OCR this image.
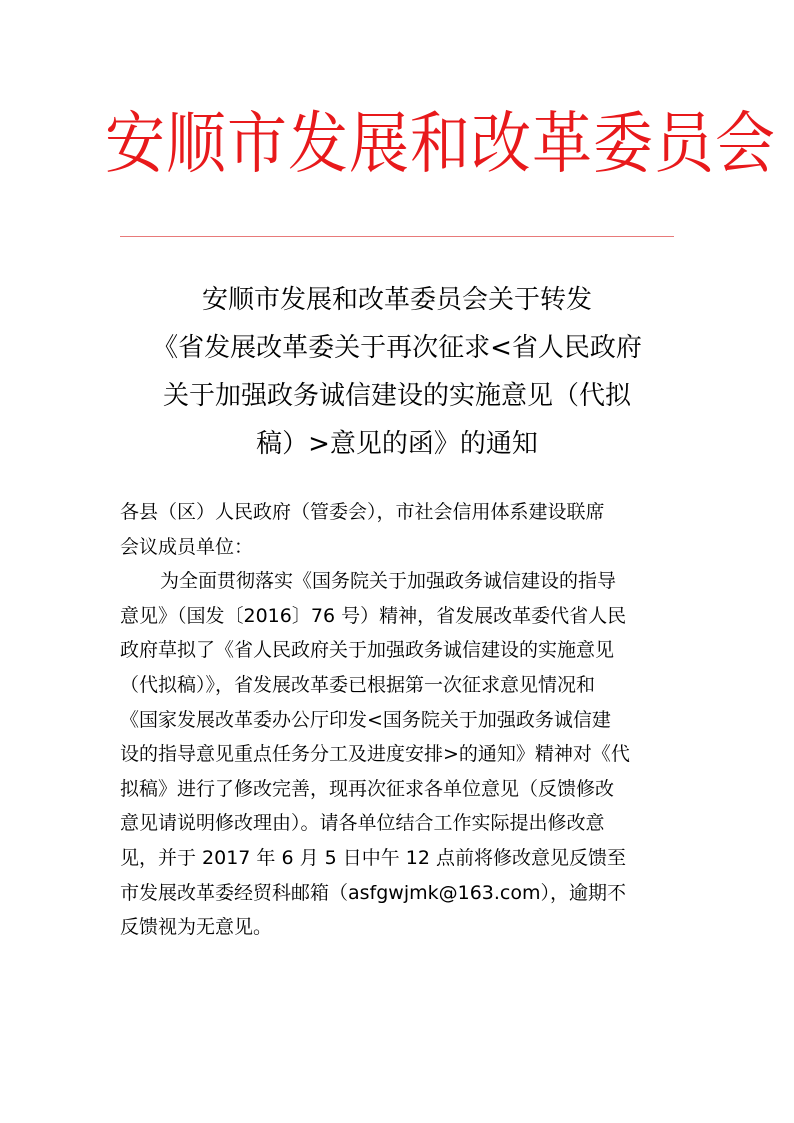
安顺市发展和改革委员会
安顺市发展和改革委员会关于转发
《省发展改革委关于再次征求<省人民政府
关于加强政务诚信建设的实施意见（代拟
稿）>意见的函》的通知
各县（区）人民政府（管委会），市社会信用体系建设联席
会议成员单位：
为全面贯彻落实《国务院关于加强政务诚信建设的指导
意见》（国发〔2016〕76 号）精神，省发展改革委代省人民
政府草拟了《省人民政府关于加强政务诚信建设的实施意见
（代拟稿）》，省发展改革委已根据第一次征求意见情况和
《国家发展改革委办公厅印发<国务院关于加强政务诚信建
设的指导意见重点任务分工及进度安排>的通知》精神对《代
拟稿》进行了修改完善，现再次征求各单位意见（反馈修改
意见请说明修改理由）。请各单位结合工作实际提出修改意
见，并于 2017 年 6 月 5 日中午 12 点前将修改意见反馈至
市发展改革委经贸科邮箱（asfgwjmk@163.com），逾期不
反馈视为无意见。
